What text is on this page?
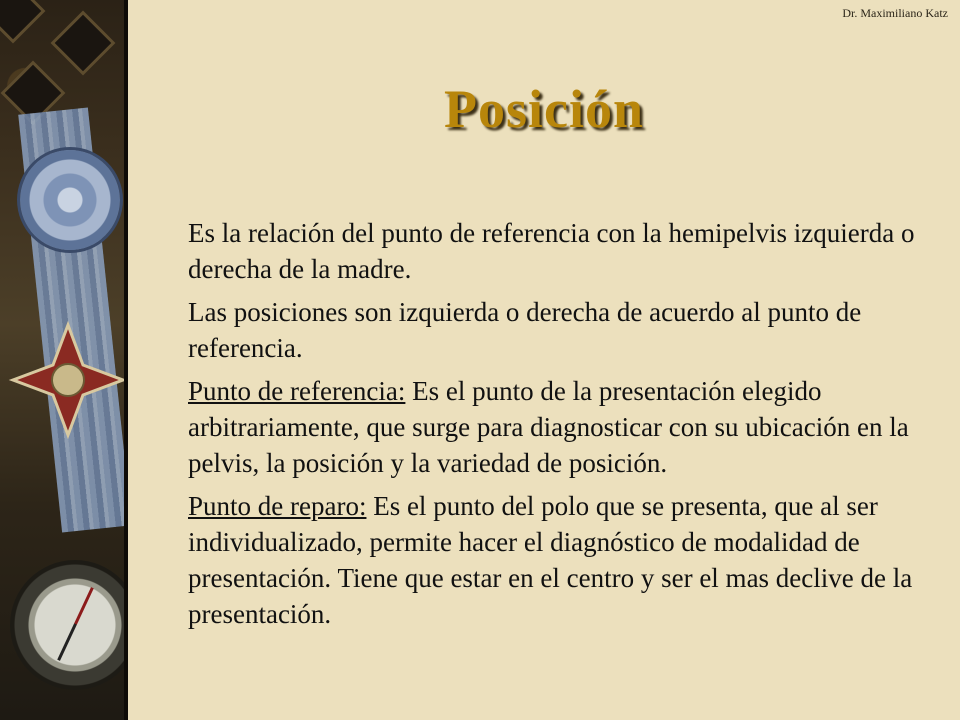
Dr. Maximiliano Katz
Posición

Es la relación del punto de referencia con la hemipelvis izquierda o derecha de la madre.

Las posiciones son izquierda o derecha de acuerdo al punto de referencia.

Punto de referencia: Es el punto de la presentación elegido arbitrariamente, que surge para diagnosticar con su ubicación en la pelvis, la posición y la variedad de posición.

Punto de reparo: Es el punto del polo que se presenta, que al ser individualizado, permite hacer el diagnóstico de modalidad de presentación. Tiene que estar en el centro y ser el mas declive de la presentación.
